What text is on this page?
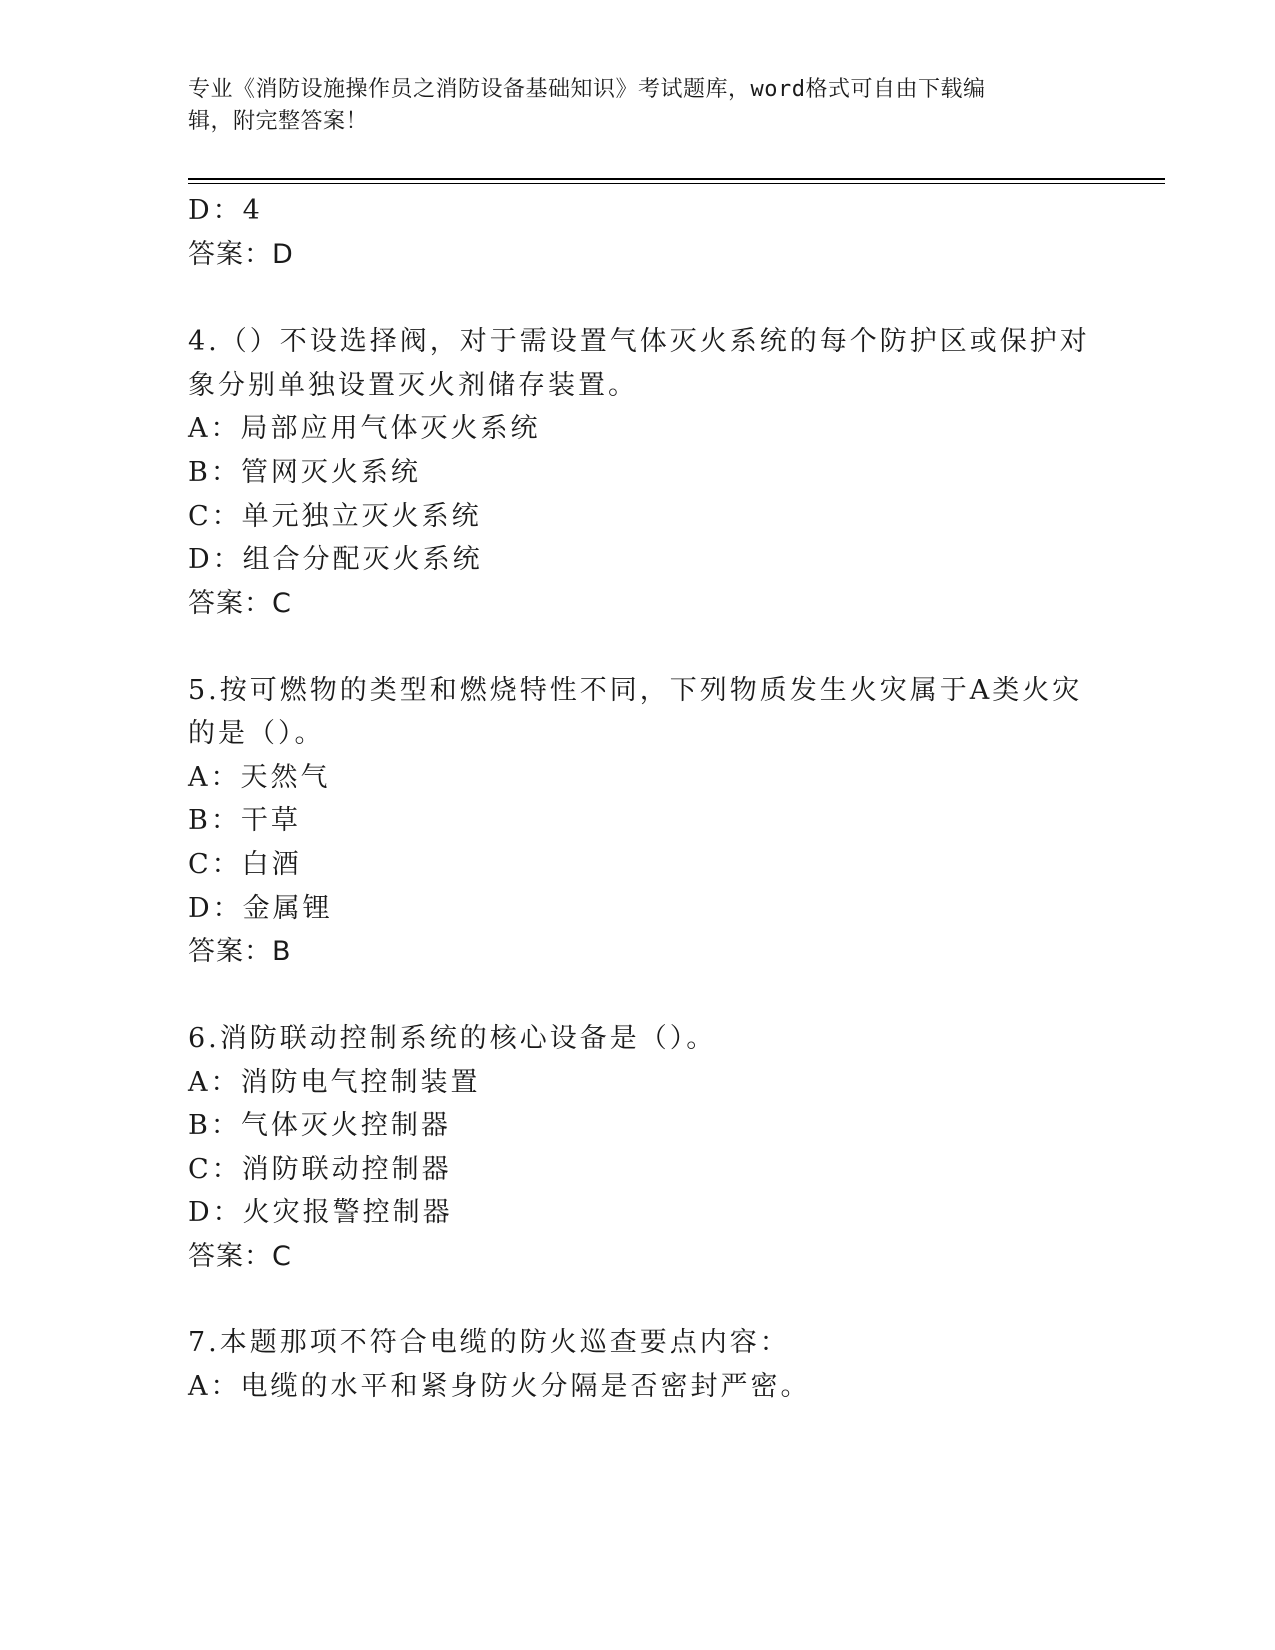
专业《消防设施操作员之消防设备基础知识》考试题库，word格式可自由下载编
辑，附完整答案！
D：4
答案：D
4.（）不设选择阀，对于需设置气体灭火系统的每个防护区或保护对
象分别单独设置灭火剂储存装置。
A：局部应用气体灭火系统
B：管网灭火系统
C：单元独立灭火系统
D：组合分配灭火系统
答案：C
5.按可燃物的类型和燃烧特性不同，下列物质发生火灾属于A类火灾
的是（）。
A：天然气
B：干草
C：白酒
D：金属锂
答案：B
6.消防联动控制系统的核心设备是（）。
A：消防电气控制装置
B：气体灭火控制器
C：消防联动控制器
D：火灾报警控制器
答案：C
7.本题那项不符合电缆的防火巡查要点内容：
A：电缆的水平和紧身防火分隔是否密封严密。
